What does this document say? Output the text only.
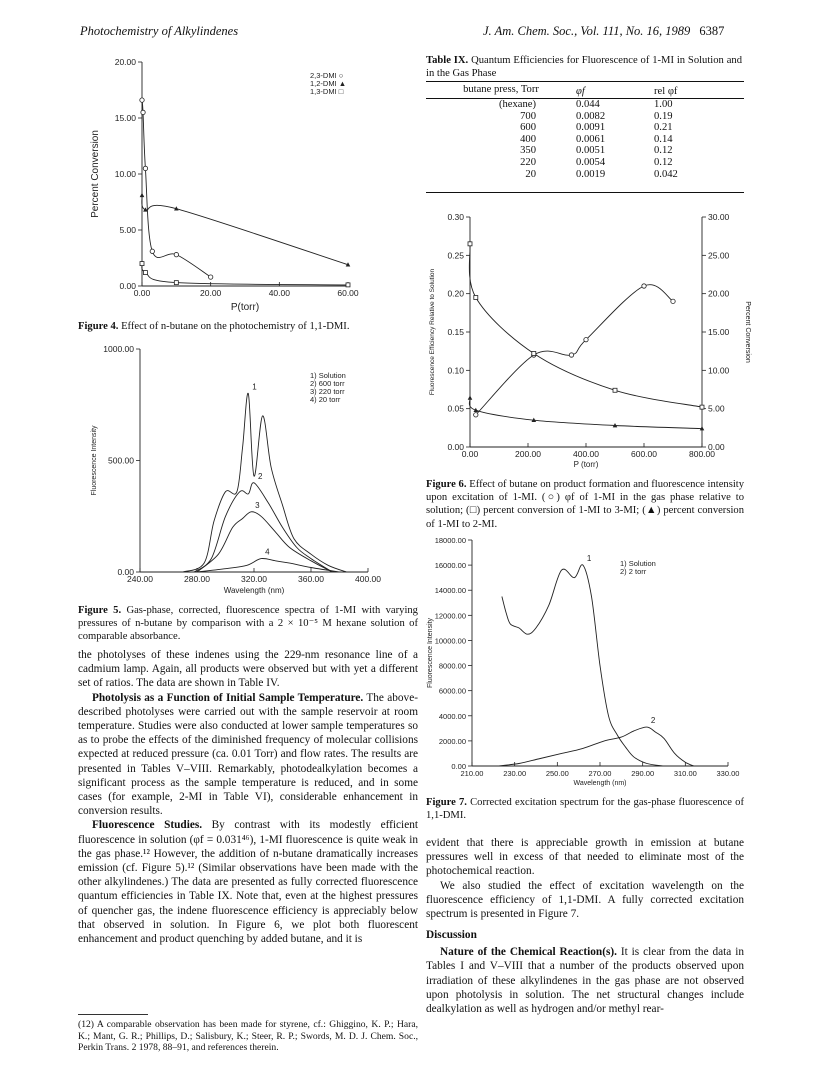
Photochemistry of Alkylindenes	J. Am. Chem. Soc., Vol. 111, No. 16, 1989 6387
0.00	20.00	40.00	60.00
0.00
5.00
10.00
15.00
20.00
P(torr)
Percent Conversion
2,3-DMI ○
1,2-DMI ▲
1,3-DMI □
Figure 4. Effect of n-butane on the photochemistry of 1,1-DMI.
240.00	280.00	320.00	360.00	400.00
0.00
500.00
1000.00
Wavelength (nm)
Fluorescence Intensity
1
2
3
4
1) Solution
2) 600 torr
3) 220 torr
4) 20 torr
Figure 5. Gas-phase, corrected, fluorescence spectra of 1-MI with varying pressures of n-butane by comparison with a 2 × 10⁻⁵ M hexane solution of comparable absorbance.

the photolyses of these indenes using the 229-nm resonance line of a cadmium lamp. Again, all products were observed but with yet a different set of ratios. The data are shown in Table IV.

Photolysis as a Function of Initial Sample Temperature. The above-described photolyses were carried out with the sample reservoir at room temperature. Studies were also conducted at lower sample temperatures so as to probe the effects of the diminished frequency of molecular collisions expected at reduced pressure (ca. 0.01 Torr) and flow rates. The results are presented in Tables V–VIII. Remarkably, photodealkylation becomes a significant process as the sample temperature is reduced, and in some cases (for example, 2-MI in Table VI), considerable enhancement in conversion results.

Fluorescence Studies. By contrast with its modestly efficient fluorescence in solution (φf = 0.031⁴⁶), 1-MI fluorescence is quite weak in the gas phase.¹² However, the addition of n-butane dramatically increases emission (cf. Figure 5).¹² (Similar observations have been made with the other alkylindenes.) The data are presented as fully corrected fluorescence quantum efficiencies in Table IX. Note that, even at the highest pressures of quencher gas, the indene fluorescence efficiency is appreciably below that observed in solution. In Figure 6, we plot both fluorescent enhancement and product quenching by added butane, and it is

(12) A comparable observation has been made for styrene, cf.: Ghiggino, K. P.; Hara, K.; Mant, G. R.; Phillips, D.; Salisbury, K.; Steer, R. P.; Swords, M. D. J. Chem. Soc., Perkin Trans. 2 1978, 88–91, and references therein.
Table IX. Quantum Efficiencies for Fluorescence of 1-MI in Solution and in the Gas Phase
butane press, Torr	φf	rel φf
(hexane)	0.044	1.00
700	0.0082	0.19
600	0.0091	0.21
400	0.0061	0.14
350	0.0051	0.12
220	0.0054	0.12
20	0.0019	0.042
0.00	200.00	400.00	600.00	800.00
0.00
0.05
0.10
0.15
0.20
0.25
0.30
0.00
5.00
10.00
15.00
20.00
25.00
30.00
Percent Conversion
P (torr)
Fluorescence Efficiency Relative to Solution
Figure 6. Effect of butane on product formation and fluorescence intensity upon excitation of 1-MI. (○) φf of 1-MI in the gas phase relative to solution; (□) percent conversion of 1-MI to 3-MI; (▲) percent conversion of 1-MI to 2-MI.
210.00	230.00	250.00	270.00	290.00	310.00	330.00
0.00
2000.00
4000.00
6000.00
8000.00
10000.00
12000.00
14000.00
16000.00
18000.00
Wavelength (nm)
Fluorescence Intensity
1
2
1) Solution
2) 2 torr
Figure 7. Corrected excitation spectrum for the gas-phase fluorescence of 1,1-DMI.

evident that there is appreciable growth in emission at butane pressures well in excess of that needed to eliminate most of the photochemical reaction.

We also studied the effect of excitation wavelength on the fluorescence efficiency of 1,1-DMI. A fully corrected excitation spectrum is presented in Figure 7.

Discussion

Nature of the Chemical Reaction(s). It is clear from the data in Tables I and V–VIII that a number of the products observed upon irradiation of these alkylindenes in the gas phase are not observed upon photolysis in solution. The net structural changes include dealkylation as well as hydrogen and/or methyl rear-
